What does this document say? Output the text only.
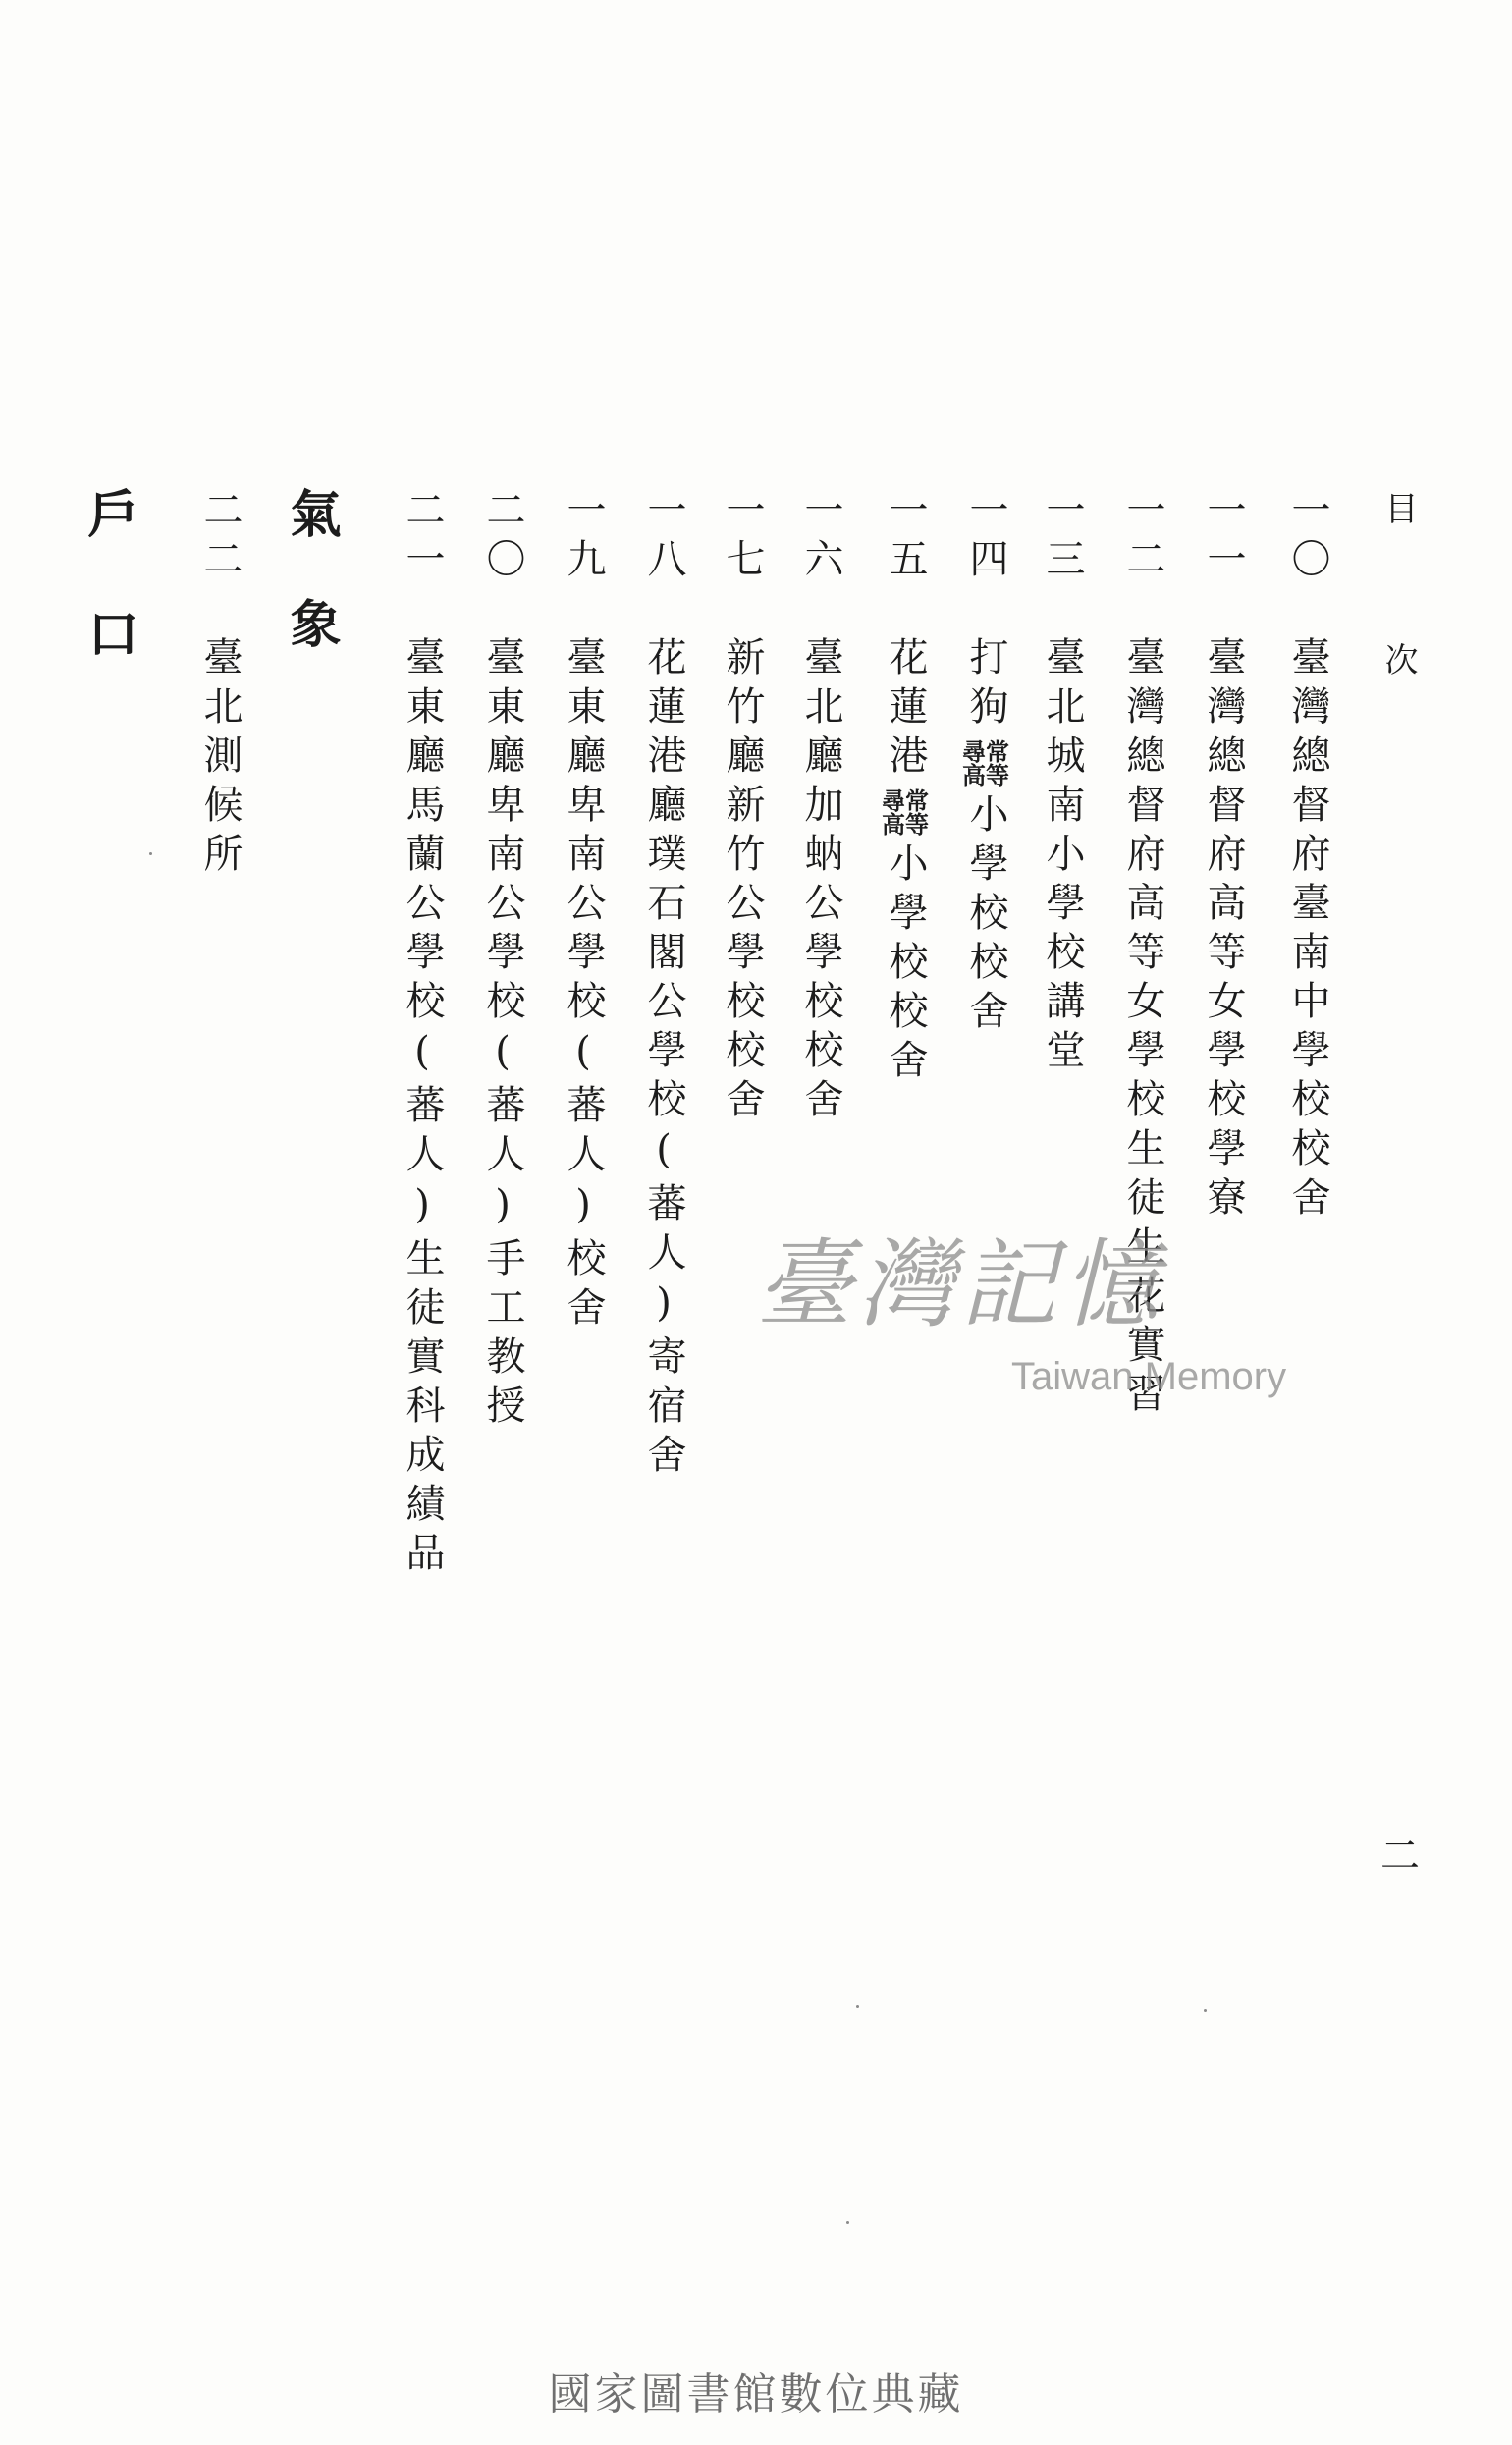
目次
一〇　臺灣總督府臺南中學校校舍
一一　臺灣總督府高等女學校學寮
一二　臺灣總督府高等女學校生徒生花實習
一三　臺北城南小學校講堂
一四　打狗尋常
高等小學校校舍
一五　花蓮港尋常
高等小學校校舍
一六　臺北廳加蚋公學校校舍
一七　新竹廳新竹公學校校舍
一八　花蓮港廳璞石閣公學校(蕃人)寄宿舍
一九　臺東廳卑南公學校(蕃人)校舍
二〇　臺東廳卑南公學校(蕃人)手工教授
二一　臺東廳馬蘭公學校(蕃人)生徒實科成績品
氣象
二二　臺北測候所
戶口
二
臺灣記憶
Taiwan Memory
國家圖書館數位典藏
